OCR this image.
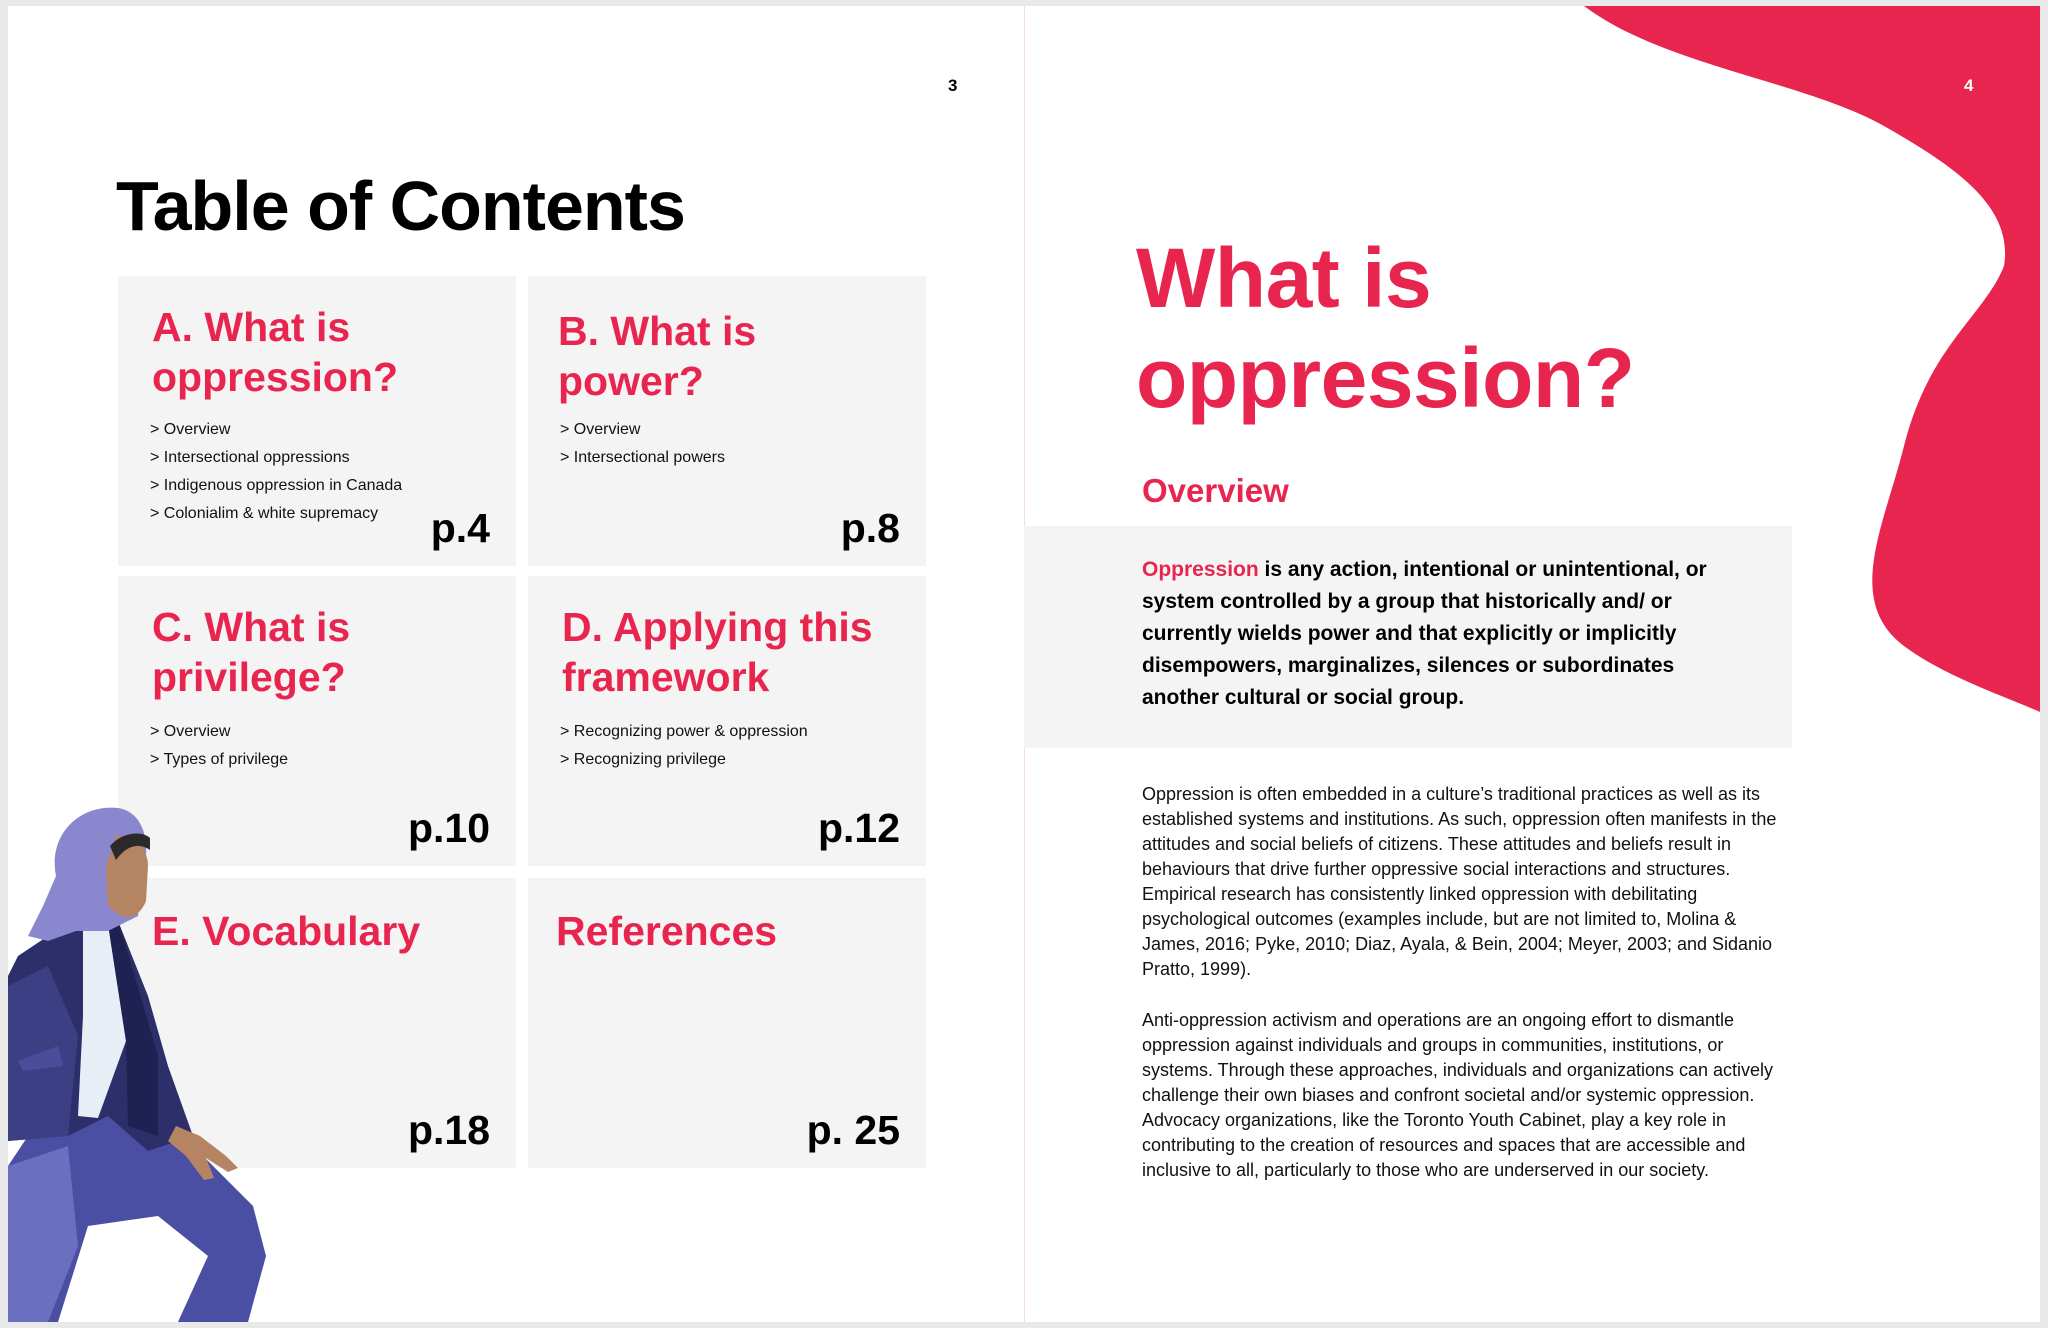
3
Table of Contents
A. What is oppression?
> Overview
> Intersectional oppressions
> Indigenous oppression in Canada
> Colonialim & white supremacy	p.4
B. What is power?
> Overview
> Intersectional powers
p.8
C. What is privilege?
> Overview
> Types of privilege
p.10
D. Applying this framework
> Recognizing power & oppression
> Recognizing privilege
p.12
E. Vocabulary
p.18
References
p. 25
4
What is oppression?
Overview

Oppression is any action, intentional or unintentional, or system controlled by a group that historically and/ or currently wields power and that explicitly or implicitly disempowers, marginalizes, silences or subordinates another cultural or social group.

Oppression is often embedded in a culture’s traditional practices as well as its established systems and institutions. As such, oppression often manifests in the attitudes and social beliefs of citizens. These attitudes and beliefs result in behaviours that drive further oppressive social interactions and structures. Empirical research has consistently linked oppression with debilitating psychological outcomes (examples include, but are not limited to, Molina & James, 2016; Pyke, 2010; Diaz, Ayala, & Bein, 2004; Meyer, 2003; and Sidanio Pratto, 1999).

Anti-oppression activism and operations are an ongoing effort to dismantle oppression against individuals and groups in communities, institutions, or systems. Through these approaches, individuals and organizations can actively challenge their own biases and confront societal and/or systemic oppression. Advocacy organizations, like the Toronto Youth Cabinet, play a key role in contributing to the creation of resources and spaces that are accessible and inclusive to all, particularly to those who are underserved in our society.
